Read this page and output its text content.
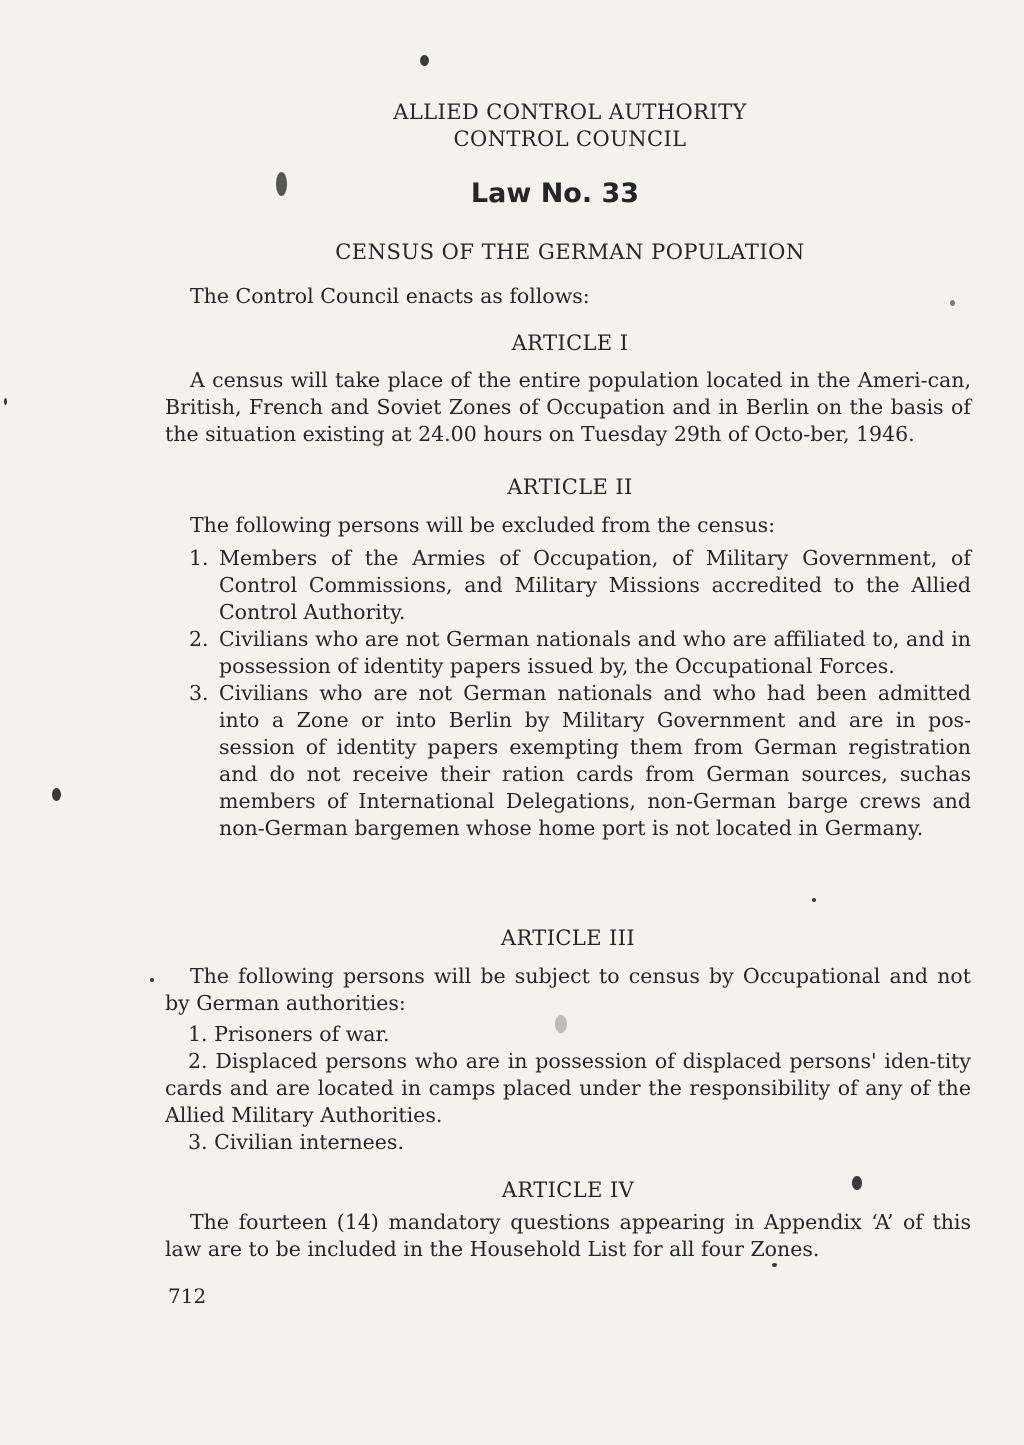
ALLIED CONTROL AUTHORITY

CONTROL COUNCIL

Law No. 33

CENSUS OF THE GERMAN POPULATION

The Control Council enacts as follows:

ARTICLE I

A census will take place of the entire population located in the Ameri-can, British, French and Soviet Zones of Occupation and in Berlin on the basis of the situation existing at 24.00 hours on Tuesday 29th of Octo-ber, 1946.

ARTICLE II

The following persons will be excluded from the census:

1. Members of the Armies of Occupation, of Military Government, of Control Commissions, and Military Missions accredited to the Allied Control Authority.
2. Civilians who are not German nationals and who are affiliated to, and in possession of identity papers issued by, the Occupational Forces.
3. Civilians who are not German nationals and who had been admitted into a Zone or into Berlin by Military Government and are in pos-session of identity papers exempting them from German registration and do not receive their ration cards from German sources, suchas members of International Delegations, non-German barge crews and non-German bargemen whose home port is not located in Germany.

ARTICLE III

The following persons will be subject to census by Occupational and not by German authorities:

1. Prisoners of war.
2. Displaced persons who are in possession of displaced persons' iden-tity cards and are located in camps placed under the responsibility of any of the Allied Military Authorities.
3. Civilian internees.

ARTICLE IV

The fourteen (14) mandatory questions appearing in Appendix ‘A’ of this law are to be included in the Household List for all four Zones.

712
